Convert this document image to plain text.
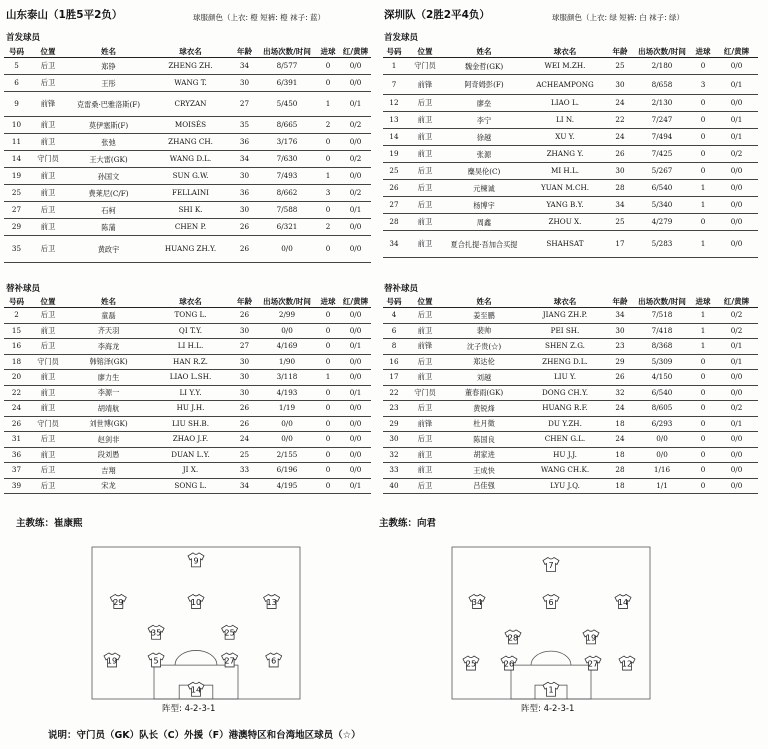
山东泰山（1胜5平2负）	球服颜色（上衣: 橙 短裤: 橙 袜子: 蓝）	深圳队（2胜2平4负）	球服颜色（上衣: 绿 短裤: 白 袜子: 绿）
首发球员	首发球员
号码	位置	姓名	球衣名	年龄	出场次数/时间	进球	红/黄牌
5	后卫	郑铮	ZHENG ZH.	34	8/577	0	0/0
6	后卫	王彤	WANG T.	30	6/391	0	0/0
9	前锋	克雷桑·巴雅洛斯(F)	CRYZAN	27	5/450	1	0/1
10	前卫	莫伊塞斯(F)	MOISÉS	35	8/665	2	0/2
11	前卫	张弛	ZHANG CH.	36	3/176	0	0/0
14	守门员	王大雷(GK)	WANG D.L.	34	7/630	0	0/2
19	前卫	孙国文	SUN G.W.	30	7/493	1	0/0
25	前卫	费莱尼(C/F)	FELLAINI	36	8/662	3	0/2
27	后卫	石柯	SHI K.	30	7/588	0	0/1
29	前卫	陈蒲	CHEN P.	26	6/321	2	0/0
35	后卫	黄政宇	HUANG ZH.Y.	26	0/0	0	0/0
号码	位置	姓名	球衣名	年龄	出场次数/时间	进球	红/黄牌
1	守门员	魏金哲(GK)	WEI M.ZH.	25	2/180	0	0/0
7	前锋	阿奇姆彭(F)	ACHEAMPONG	30	8/658	3	0/1
12	后卫	廖垒	LIAO L.	24	2/130	0	0/0
13	前卫	李宁	LI N.	22	7/247	0	0/1
14	前卫	徐越	XU Y.	24	7/494	0	0/1
19	前卫	张源	ZHANG Y.	26	7/425	0	0/2
25	后卫	麋昊伦(C)	MI H.L.	30	5/267	0	0/0
26	后卫	元楝诚	YUAN M.CH.	28	6/540	1	0/0
27	后卫	杨博宇	YANG B.Y.	34	5/340	1	0/0
28	前卫	周鑫	ZHOU X.	25	4/279	0	0/0
34	前卫	夏合扎提·吾加合买提	SHAHSAT	17	5/283	1	0/0
替补球员	替补球员
号码	位置	姓名	球衣名	年龄	出场次数/时间	进球	红/黄牌
2	后卫	童磊	TONG L.	26	2/99	0	0/0
15	前卫	齐天羽	QI T.Y.	30	0/0	0	0/0
16	后卫	李海龙	LI H.L.	27	4/169	0	0/1
18	守门员	韩镕泽(GK)	HAN R.Z.	30	1/90	0	0/0
20	前卫	廖力生	LIAO L.SH.	30	3/118	1	0/0
22	前卫	李源一	LI Y.Y.	30	4/193	0	0/1
24	前卫	胡靖航	HU J.H.	26	1/19	0	0/0
26	守门员	刘世博(GK)	LIU SH.B.	26	0/0	0	0/0
31	后卫	赵剑非	ZHAO J.F.	24	0/0	0	0/0
36	前卫	段刘愚	DUAN L.Y.	25	2/155	0	0/0
37	后卫	吉翔	JI X.	33	6/196	0	0/0
39	后卫	宋龙	SONG L.	34	4/195	0	0/1
号码	位置	姓名	球衣名	年龄	出场次数/时间	进球	红/黄牌
4	后卫	姜至鹏	JIANG ZH.P.	34	7/518	1	0/2
6	前卫	裴帅	PEI SH.	30	7/418	1	0/2
8	前锋	沈子贵(☆)	SHEN Z.G.	23	8/368	1	0/1
16	后卫	郑达伦	ZHENG D.L.	29	5/309	0	0/1
17	前卫	刘越	LIU Y.	26	4/150	0	0/0
22	守门员	董春雨(GK)	DONG CH.Y.	32	6/540	0	0/0
23	后卫	黄锐烽	HUANG R.F.	24	8/605	0	0/2
29	前锋	杜月徵	DU Y.ZH.	18	6/293	0	0/1
30	后卫	陈国良	CHEN G.L.	24	0/0	0	0/0
32	前卫	胡家进	HU J.J.	18	0/0	0	0/0
33	前卫	王成快	WANG CH.K.	28	1/16	0	0/0
40	后卫	吕佳强	LYU J.Q.	18	1/1	0	0/0
主教练：崔康熙	主教练：向君
9
29	10	13
35	25
19	5	27	6
14
7
34	6	14
28	19
25	26	27	12
1
阵型: 4-2-3-1	阵型: 4-2-3-1
说明：守门员（GK）队长（C）外援（F）港澳特区和台湾地区球员（☆）
